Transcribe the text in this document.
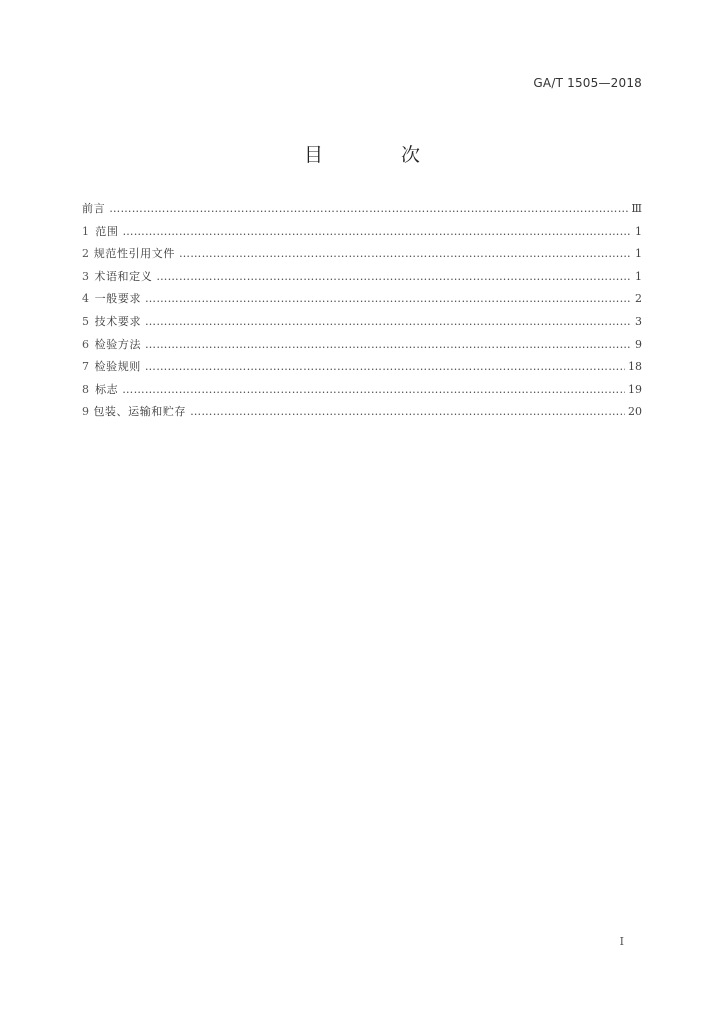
GA/T 1505—2018
目 次
前言 ……………………………………………………………………………………………………………………………………………………………………………………	Ⅲ
1 范围 ……………………………………………………………………………………………………………………………………………………………………………………	1
2 规范性引用文件 ……………………………………………………………………………………………………………………………………………………………………………………	1
3 术语和定义 ……………………………………………………………………………………………………………………………………………………………………………………	1
4 一般要求 ……………………………………………………………………………………………………………………………………………………………………………………	2
5 技术要求 ……………………………………………………………………………………………………………………………………………………………………………………	3
6 检验方法 ……………………………………………………………………………………………………………………………………………………………………………………	9
7 检验规则 ……………………………………………………………………………………………………………………………………………………………………………………	18
8 标志 ……………………………………………………………………………………………………………………………………………………………………………………	19
9 包装、运输和贮存 ……………………………………………………………………………………………………………………………………………………………………………………	20
I
